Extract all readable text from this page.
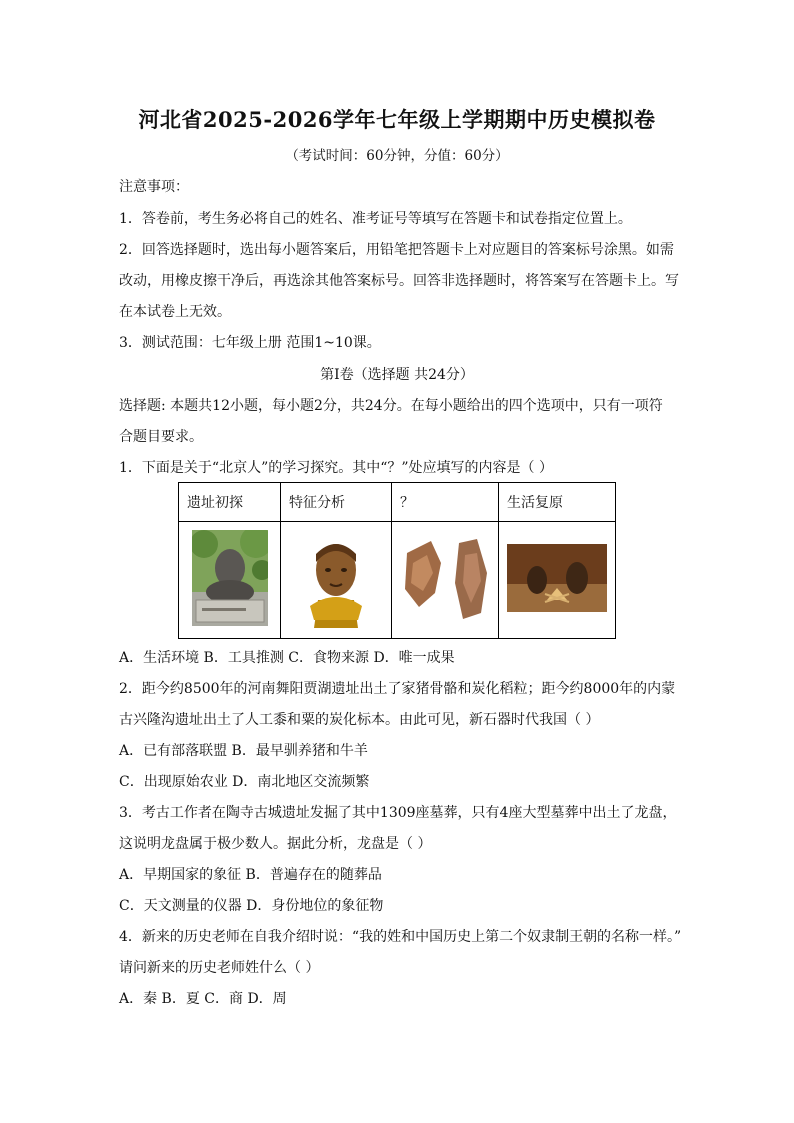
河北省2025-2026学年七年级上学期期中历史模拟卷
（考试时间：60分钟，分值：60分）
注意事项：
1．答卷前，考生务必将自己的姓名、准考证号等填写在答题卡和试卷指定位置上。
2．回答选择题时，选出每小题答案后，用铅笔把答题卡上对应题目的答案标号涂黑。如需
改动，用橡皮擦干净后，再选涂其他答案标号。回答非选择题时，将答案写在答题卡上。写
在本试卷上无效。
3．测试范围：七年级上册 范围1~10课。
第Ⅰ卷（选择题 共24分）
选择题: 本题共12小题，每小题2分，共24分。在每小题给出的四个选项中，只有一项符
合题目要求。
1．下面是关于“北京人”的学习探究。其中“？”处应填写的内容是（ ）
遗址初探	特征分析	？	生活复原

A．生活环境 B．工具推测 C．食物来源 D．唯一成果
2．距今约8500年的河南舞阳贾湖遗址出土了家猪骨骼和炭化稻粒；距今约8000年的内蒙
古兴隆沟遗址出土了人工黍和粟的炭化标本。由此可见，新石器时代我国（ ）
A．已有部落联盟 B．最早驯养猪和牛羊
C．出现原始农业 D．南北地区交流频繁
3．考古工作者在陶寺古城遗址发掘了其中1309座墓葬，只有4座大型墓葬中出土了龙盘，
这说明龙盘属于极少数人。据此分析，龙盘是（ ）
A．早期国家的象征 B．普遍存在的随葬品
C．天文测量的仪器 D．身份地位的象征物
4．新来的历史老师在自我介绍时说：“我的姓和中国历史上第二个奴隶制王朝的名称一样。”
请问新来的历史老师姓什么（ ）
A．秦 B．夏 C．商 D．周
